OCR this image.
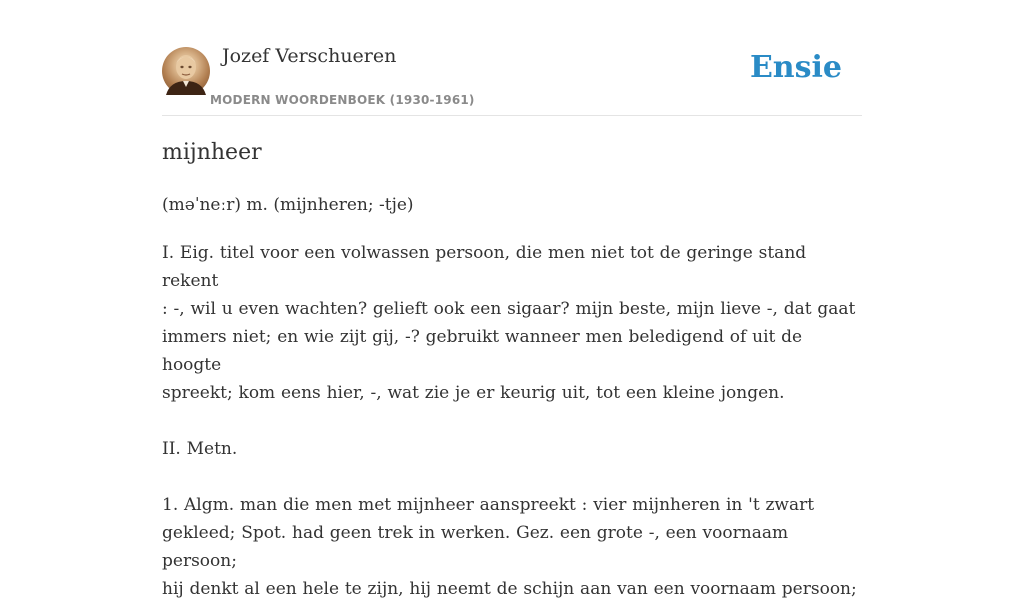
Jozef Verschueren
MODERN WOORDENBOEK (1930-1961)
Ensie
mijnheer
(məˈneːr) m. (mijnheren; -tje)

I. Eig. titel voor een volwassen persoon, die men niet tot de geringe stand rekent

: -, wil u even wachten? gelieft ook een sigaar? mijn beste, mijn lieve -, dat gaat

immers niet; en wie zijt gij, -? gebruikt wanneer men beledigend of uit de hoogte

spreekt; kom eens hier, -, wat zie je er keurig uit, tot een kleine jongen.

II. Metn.

1. Algm. man die men met mijnheer aanspreekt : vier mijnheren in 't zwart

gekleed; Spot. had geen trek in werken. Gez. een grote -, een voornaam persoon;

hij denkt al een hele te zijn, hij neemt de schijn aan van een voornaam persoon;
